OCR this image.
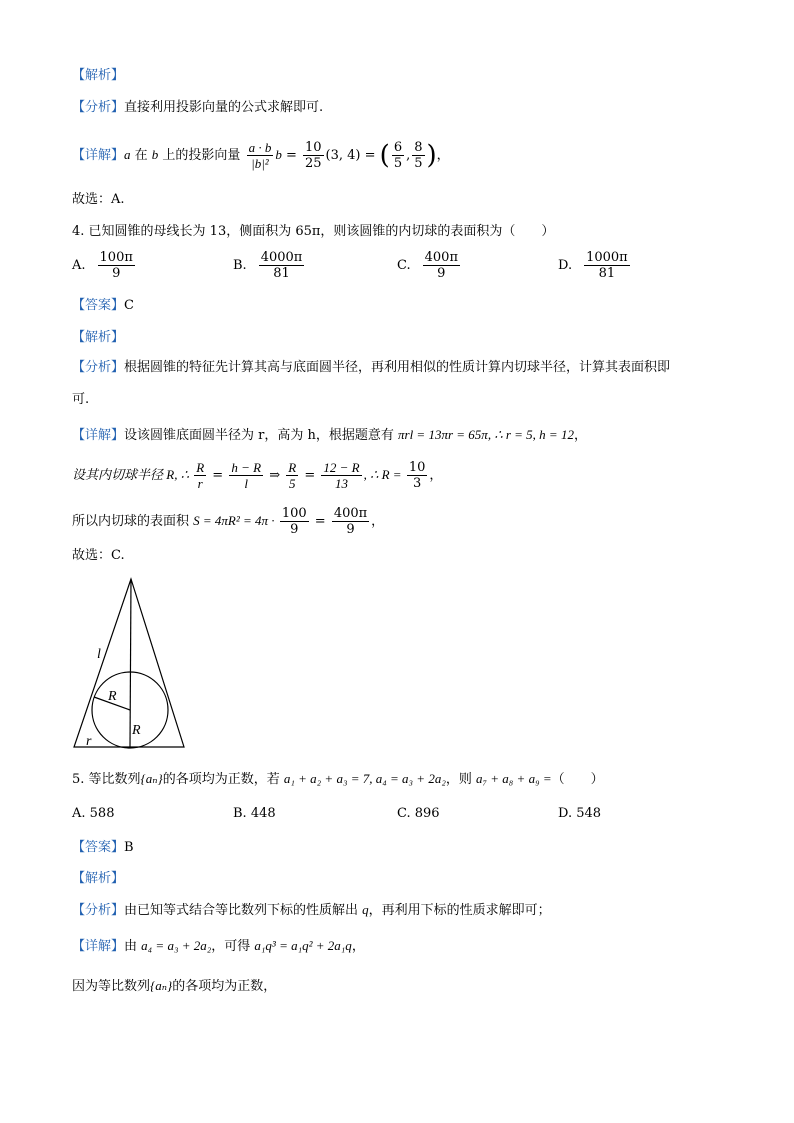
【解析】
【分析】直接利用投影向量的公式求解即可.
【详解】a 在 b 上的投影向量 $\frac{a \cdot b}{\text{|b|²}}$ $b = \frac{10}{25} (3$, 4) = ( $\frac{6}{5}$ , $\frac{8}{5}$ )，
故选：A.
4. 已知圆锥的母线长为 13，侧面积为 65π，则该圆锥的内切球的表面积为（　　）
A. $\frac{100\pi}{9}$	B. $\frac{4000\pi}{81}$	C. $\frac{400\pi}{9}$	D. $\frac{1000\pi}{81}$
【答案】C
【解析】
【分析】根据圆锥的特征先计算其高与底面圆半径，再利用相似的性质计算内切球半径，计算其表面积即
可.
【详解】设该圆锥底面圆半径为 r，高为 h，根据题意有 πrl = 13πr = 65π, ∴ r = 5, h = 12，
设其内切球半径 R, ∴ $\frac{R}{r} = \frac{h - R}{l}$ ⇒ $\frac{R}{5} = \frac{12 - R}{13}$ , ∴ $R = \frac{10}{3}$ ，
所以内切球的表面积 $S = 4\pi R^2 = 4\pi \cdot \frac{100}{9} = \frac{400\pi}{9}$ ，
故选：C.
l
R
R
r
5. 等比数列{aₙ}的各项均为正数，若 a₁ + a₂ + a₃ = 7, a₄ = a₃ + 2a₂，则 a₇ + a₈ + a₉ =（　　）
A. 588	B. 448	C. 896	D. 548
【答案】B
【解析】
【分析】由已知等式结合等比数列下标的性质解出 q，再利用下标的性质求解即可；
【详解】由 a₄ = a₃ + 2a₂，可得 a₁q³ = a₁q² + 2a₁q，
因为等比数列{aₙ}的各项均为正数，
